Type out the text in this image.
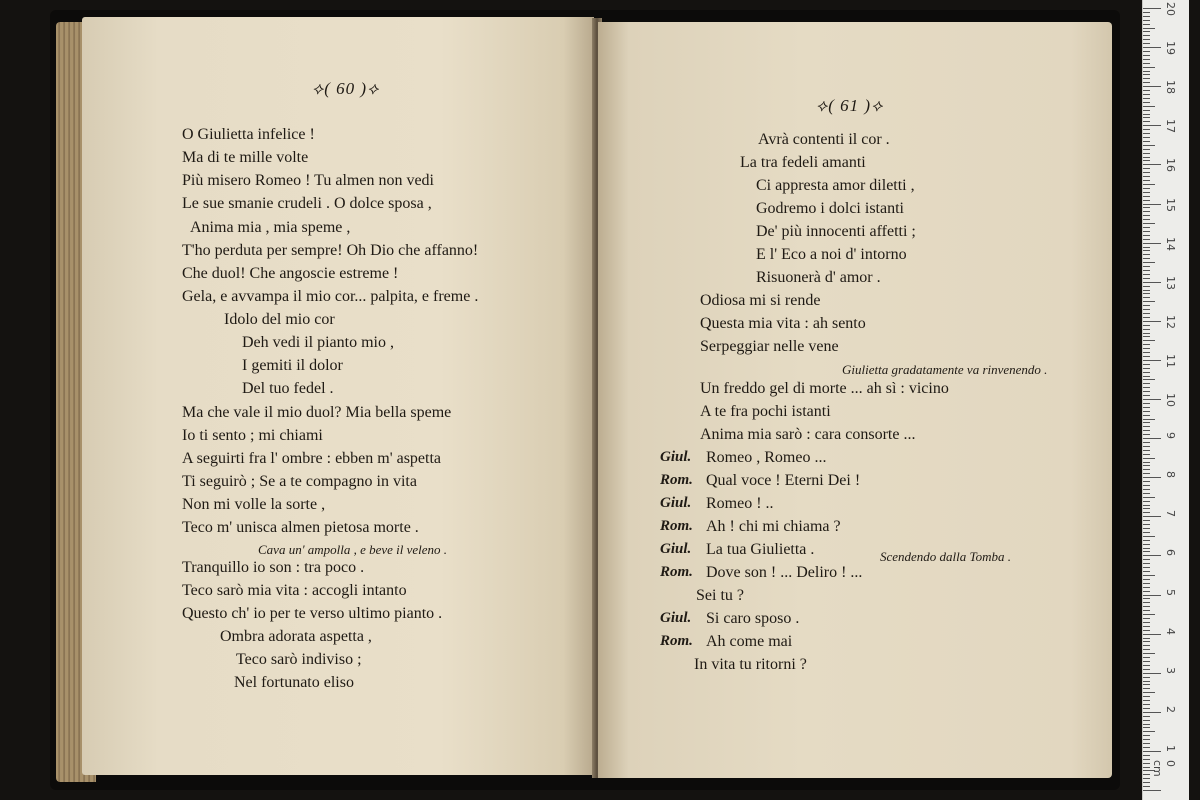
⟡( 60 )⟡
O Giulietta infelice !
Ma di te mille volte
Più misero Romeo ! Tu almen non vedi
Le sue smanie crudeli . O dolce sposa ,
Anima mia , mia speme ,
T'ho perduta per sempre! Oh Dio che affanno!
Che duol! Che angoscie estreme !
Gela, e avvampa il mio cor... palpita, e freme .
Idolo del mio cor
Deh vedi il pianto mio ,
I gemiti il dolor
Del tuo fedel .
Ma che vale il mio duol? Mia bella speme
Io ti sento ; mi chiami
A seguirti fra l' ombre : ebben m' aspetta
Ti seguirò ; Se a te compagno in vita
Non mi volle la sorte ,
Teco m' unisca almen pietosa morte .
Cava un' ampolla , e beve il veleno .
Tranquillo io son : tra poco .
Teco sarò mia vita : accogli intanto
Questo ch' io per te verso ultimo pianto .
Ombra adorata aspetta ,
Teco sarò indiviso ;
Nel fortunato eliso
⟡( 61 )⟡
Avrà contenti il cor .
La tra fedeli amanti
Ci appresta amor diletti ,
Godremo i dolci istanti
De' più innocenti affetti ;
E l' Eco a noi d' intorno
Risuonerà d' amor .
Odiosa mi si rende
Questa mia vita : ah sento
Serpeggiar nelle vene
Giulietta gradatamente va rinvenendo .
Un freddo gel di morte ... ah sì : vicino
A te fra pochi istanti
Anima mia sarò : cara consorte ...
Giul. Romeo , Romeo ...
Rom. Qual voce ! Eterni Dei !
Giul. Romeo ! ..
Rom. Ah ! chi mi chiama ?
Giul. La tua Giulietta .	Scendendo dalla Tomba .
Rom. Dove son ! ... Deliro ! ...
Sei tu ?
Giul. Si caro sposo .
Rom. Ah come mai
In vita tu ritorni ?
0 cm
1
2
3
4
5
6
7
8
9
10
11
12
13
14
15
16
17
18
19
20
